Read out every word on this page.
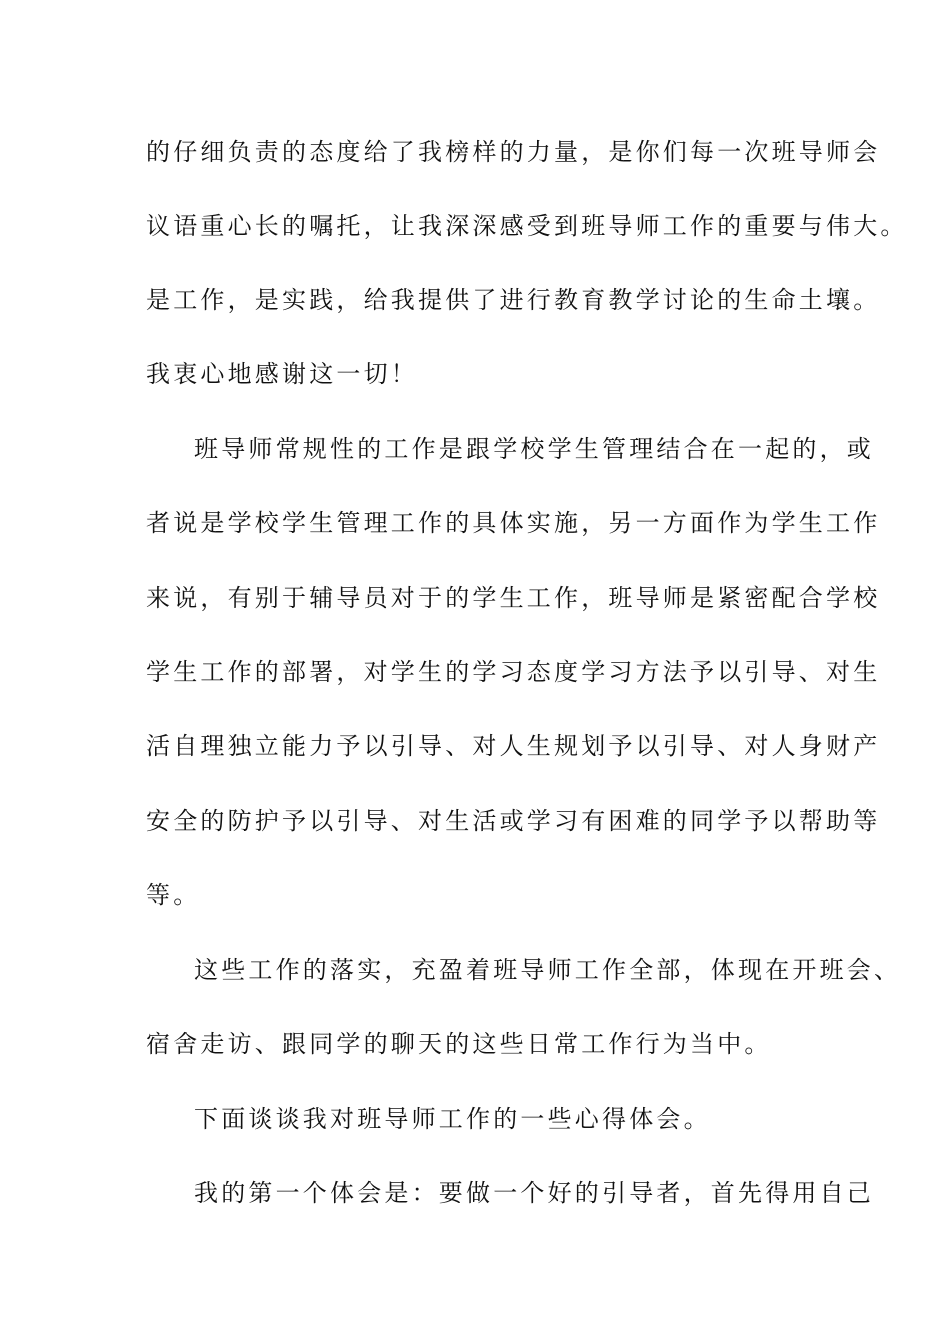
的仔细负责的态度给了我榜样的力量，是你们每一次班导师会
议语重心长的嘱托，让我深深感受到班导师工作的重要与伟大。
是工作，是实践，给我提供了进行教育教学讨论的生命土壤。
我衷心地感谢这一切！
班导师常规性的工作是跟学校学生管理结合在一起的，或
者说是学校学生管理工作的具体实施，另一方面作为学生工作
来说，有别于辅导员对于的学生工作，班导师是紧密配合学校
学生工作的部署，对学生的学习态度学习方法予以引导、对生
活自理独立能力予以引导、对人生规划予以引导、对人身财产
安全的防护予以引导、对生活或学习有困难的同学予以帮助等
等。
这些工作的落实，充盈着班导师工作全部，体现在开班会、
宿舍走访、跟同学的聊天的这些日常工作行为当中。
下面谈谈我对班导师工作的一些心得体会。
我的第一个体会是：要做一个好的引导者，首先得用自己
